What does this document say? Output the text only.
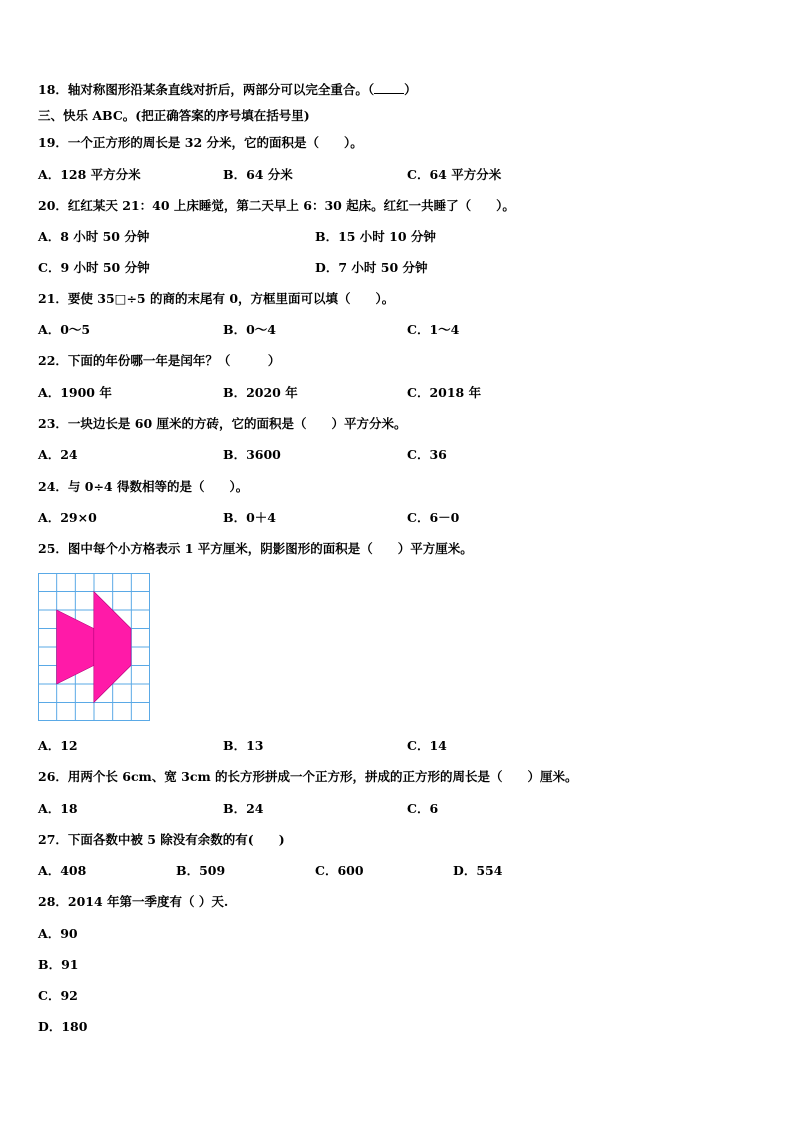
18．轴对称图形沿某条直线对折后，两部分可以完全重合。（ ）
三、快乐 ABC。(把正确答案的序号填在括号里)
19．一个正方形的周长是 32 分米，它的面积是（　　）。
A．128 平方分米	B．64 分米	C．64 平方分米
20．红红某天 21：40 上床睡觉，第二天早上 6：30 起床。红红一共睡了（　　）。
A．8 小时 50 分钟	B．15 小时 10 分钟
C．9 小时 50 分钟	D．7 小时 50 分钟
21．要使 35□÷5 的商的末尾有 0，方框里面可以填（　　）。
A．0～5	B．0～4	C．1～4
22．下面的年份哪一年是闰年？（　　　）
A．1900 年	B．2020 年	C．2018 年
23．一块边长是 60 厘米的方砖，它的面积是（　　）平方分米。
A．24	B．3600	C．36
24．与 0÷4 得数相等的是（　　）。
A．29×0	B．0＋4	C．6－0
25．图中每个小方格表示 1 平方厘米，阴影图形的面积是（　　）平方厘米。
A．12	B．13	C．14
26．用两个长 6cm、宽 3cm 的长方形拼成一个正方形，拼成的正方形的周长是（　　）厘米。
A．18	B．24	C．6
27．下面各数中被 5 除没有余数的有(　　)
A．408	B．509	C．600	D．554
28．2014 年第一季度有（ ）天.
A．90
B．91
C．92
D．180
